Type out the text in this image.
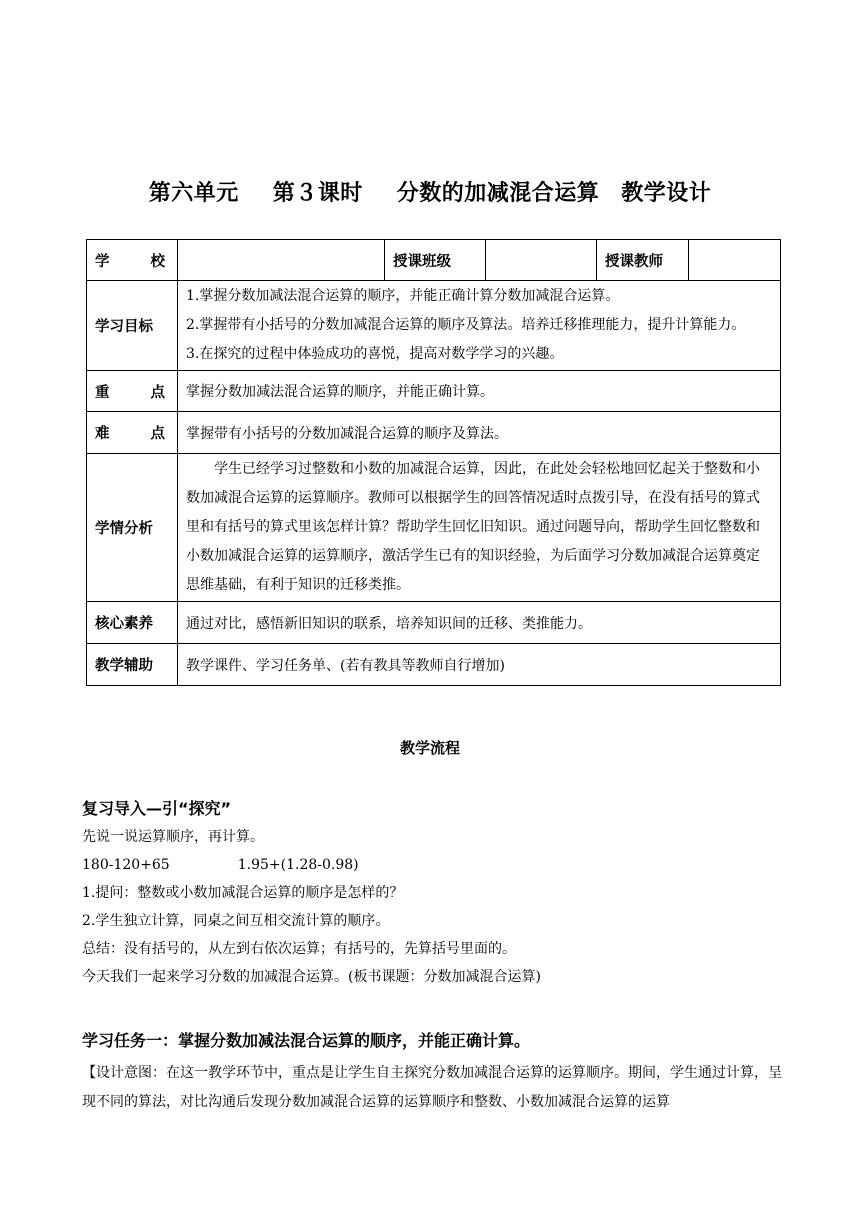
第六单元 第３课时 分数的加减混合运算 教学设计
学 校		授课班级		授课教师	
学习目标	1.掌握分数加减法混合运算的顺序，并能正确计算分数加减混合运算。
2.掌握带有小括号的分数加减混合运算的顺序及算法。培养迁移推理能力，提升计算能力。
3.在探究的过程中体验成功的喜悦，提高对数学学习的兴趣。				

重 点	掌握分数加减法混合运算的顺序，并能正确计算。				

难 点	掌握带有小括号的分数加减混合运算的顺序及算法。				
学情分析	学生已经学习过整数和小数的加减混合运算，因此，在此处会轻松地回忆起关于整数和小数加减混合运算的运算顺序。教师可以根据学生的回答情况适时点拨引导，在没有括号的算式里和有括号的算式里该怎样计算？帮助学生回忆旧知识。通过问题导向，帮助学生回忆整数和小数加减混合运算的运算顺序，激活学生已有的知识经验，为后面学习分数加减混合运算奠定思维基础，有利于知识的迁移类推。				
核心素养	通过对比，感悟新旧知识的联系，培养知识间的迁移、类推能力。				
教学辅助	教学课件、学习任务单、(若有教具等教师自行增加)				
教学流程
复习导入—引“探究”
先说一说运算顺序，再计算。
180-120+65	1.95+(1.28-0.98)
1.提问：整数或小数加减混合运算的顺序是怎样的？
2.学生独立计算，同桌之间互相交流计算的顺序。
总结：没有括号的，从左到右依次运算；有括号的，先算括号里面的。
今天我们一起来学习分数的加减混合运算。(板书课题：分数加减混合运算)
学习任务一：掌握分数加减法混合运算的顺序，并能正确计算。
【设计意图：在这一教学环节中，重点是让学生自主探究分数加减混合运算的运算顺序。期间，学生通过计算，呈现不同的算法，对比沟通后发现分数加减混合运算的运算顺序和整数、小数加减混合运算的运算
